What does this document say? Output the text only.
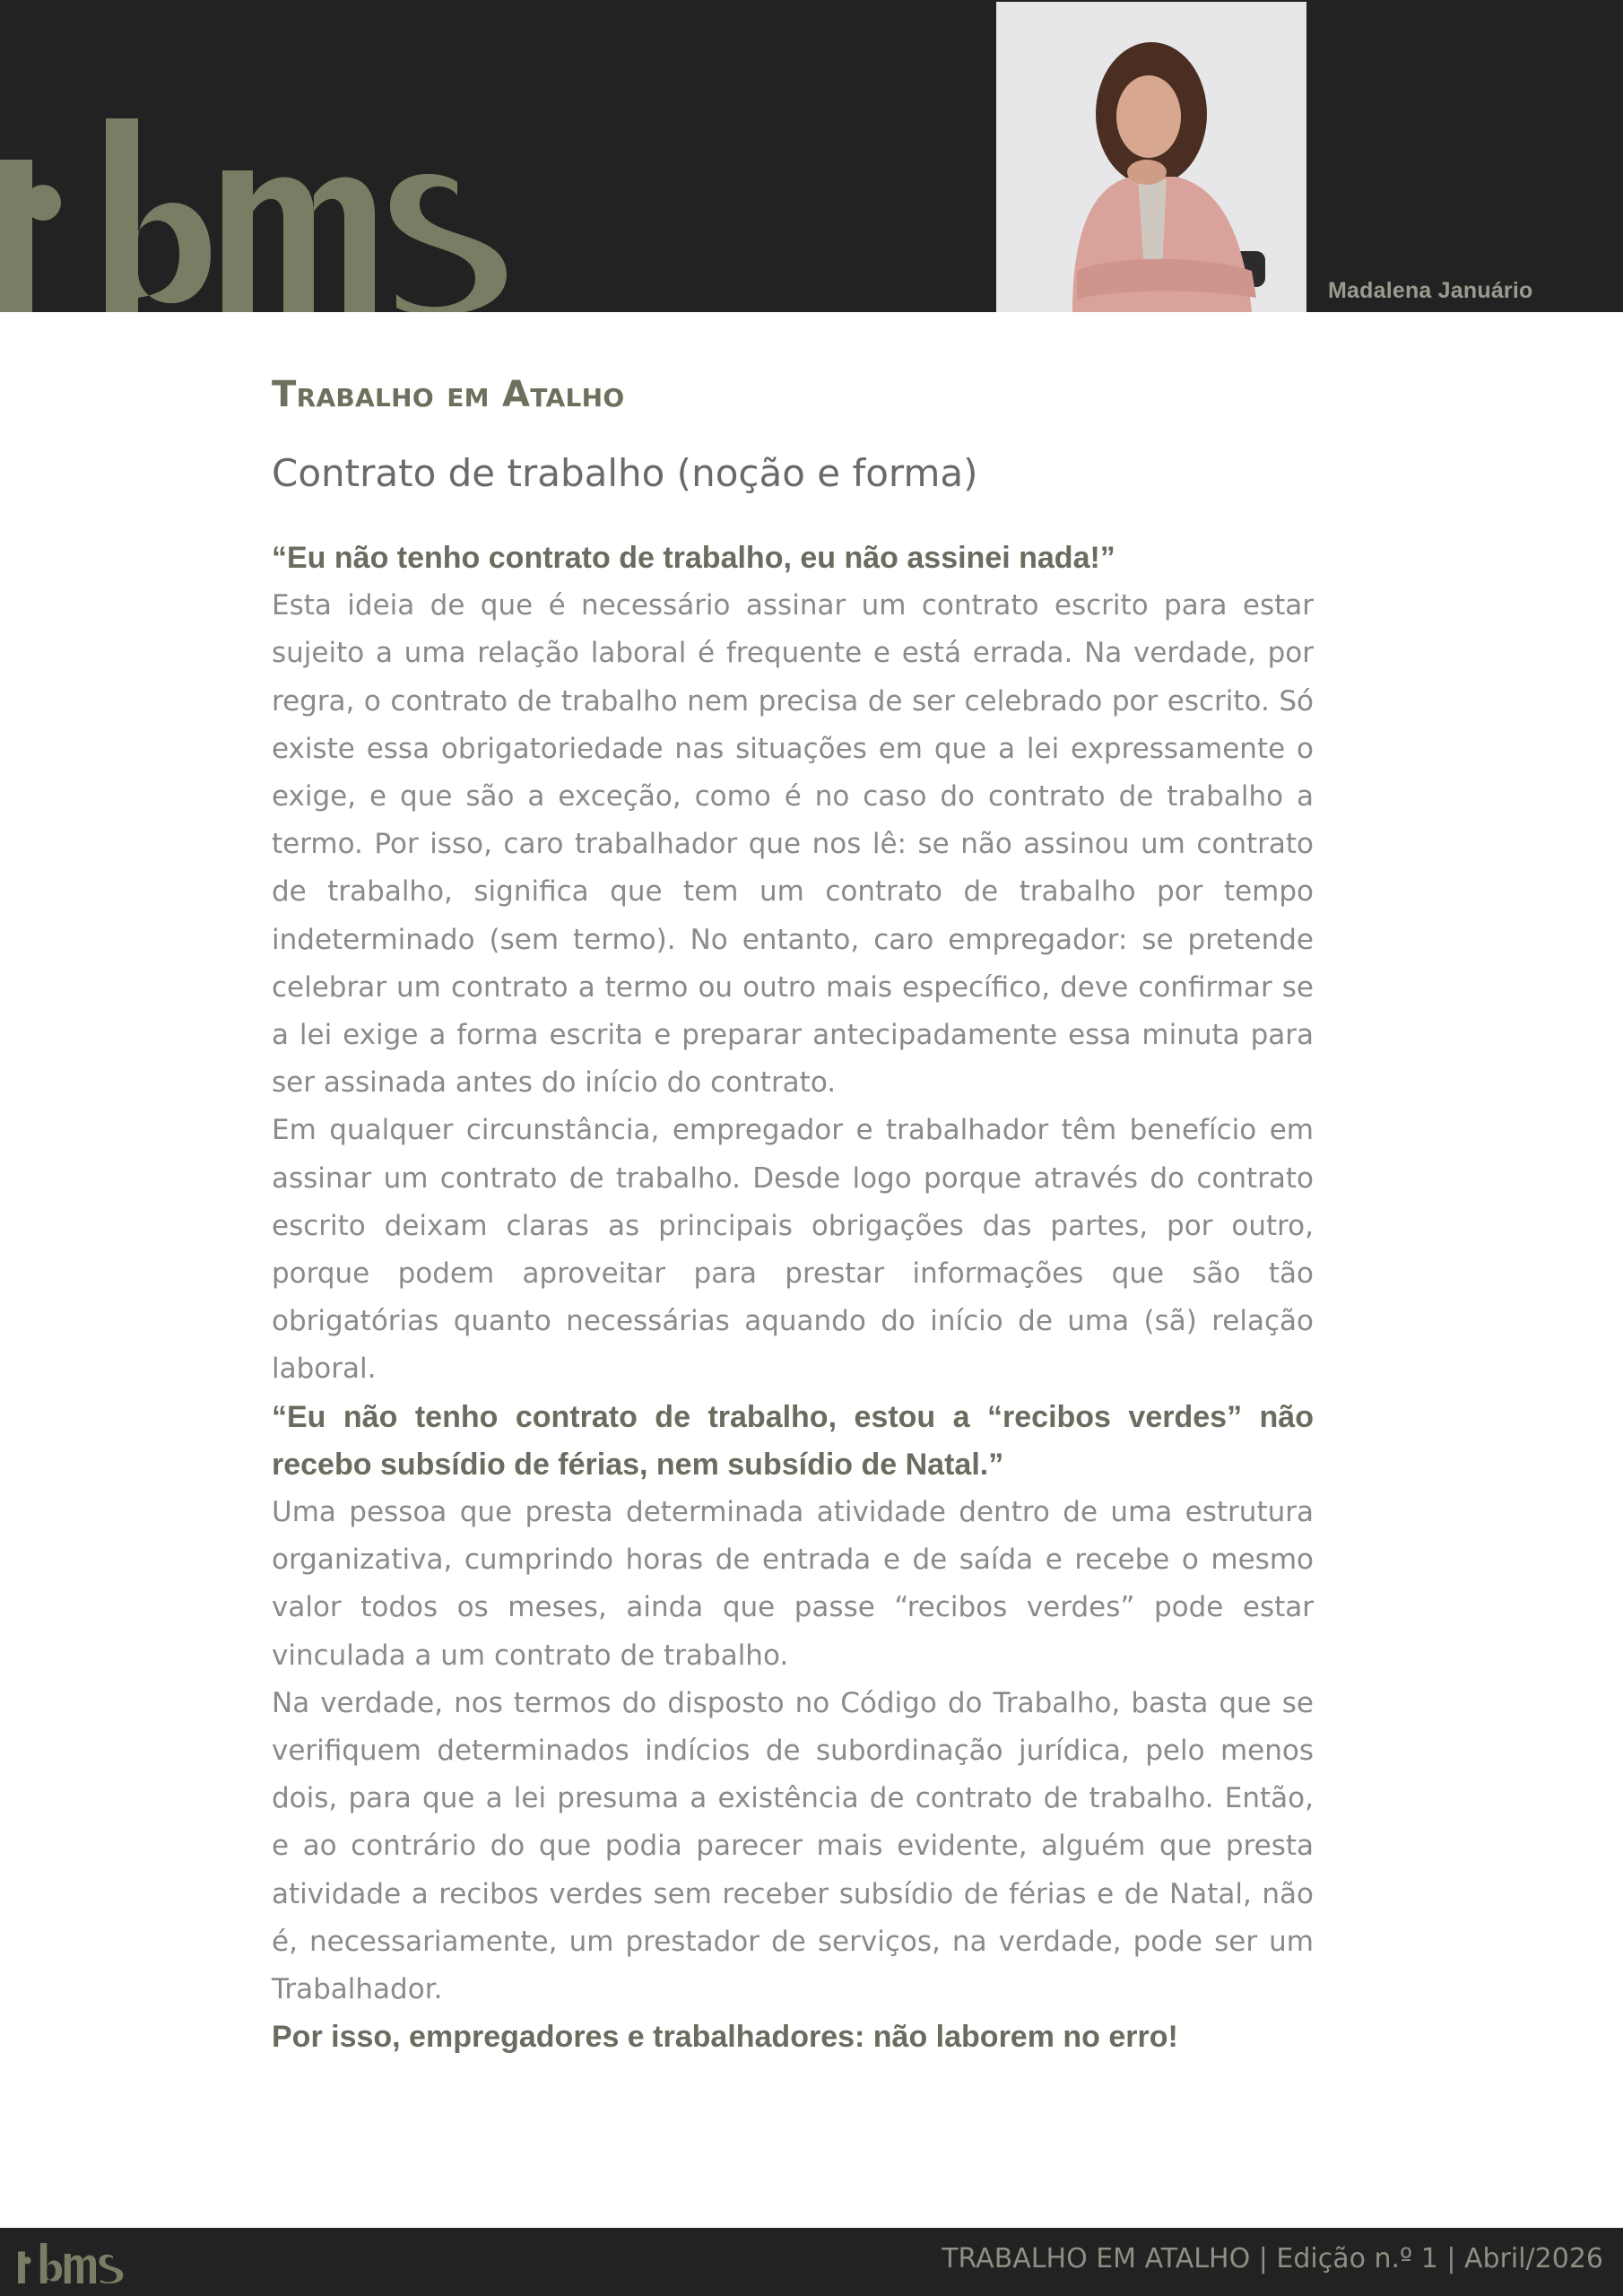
Madalena Januário
Trabalho em Atalho
Contrato de trabalho (noção e forma)

“Eu não tenho contrato de trabalho, eu não assinei nada!”

Esta ideia de que é necessário assinar um contrato escrito para estar sujeito a uma relação laboral é frequente e está errada. Na verdade, por regra, o contrato de trabalho nem precisa de ser celebrado por escrito. Só existe essa obrigatoriedade nas situações em que a lei expressamente o exige, e que são a exceção, como é no caso do contrato de trabalho a termo. Por isso, caro trabalhador que nos lê: se não assinou um contrato de trabalho, significa que tem um contrato de trabalho por tempo indeterminado (sem termo). No entanto, caro empregador: se pretende celebrar um contrato a termo ou outro mais específico, deve confirmar se a lei exige a forma escrita e preparar antecipadamente essa minuta para ser assinada antes do início do contrato.

Em qualquer circunstância, empregador e trabalhador têm benefício em assinar um contrato de trabalho. Desde logo porque através do contrato escrito deixam claras as principais obrigações das partes, por outro, porque podem aproveitar para prestar informações que são tão obrigatórias quanto necessárias aquando do início de uma (sã) relação laboral.

“Eu não tenho contrato de trabalho, estou a “recibos verdes” não recebo subsídio de férias, nem subsídio de Natal.”

Uma pessoa que presta determinada atividade dentro de uma estrutura organizativa, cumprindo horas de entrada e de saída e recebe o mesmo valor todos os meses, ainda que passe “recibos verdes” pode estar vinculada a um contrato de trabalho.

Na verdade, nos termos do disposto no Código do Trabalho, basta que se verifiquem determinados indícios de subordinação jurídica, pelo menos dois, para que a lei presuma a existência de contrato de trabalho. Então, e ao contrário do que podia parecer mais evidente, alguém que presta atividade a recibos verdes sem receber subsídio de férias e de Natal, não é, necessariamente, um prestador de serviços, na verdade, pode ser um Trabalhador.

Por isso, empregadores e trabalhadores: não laborem no erro!

TRABALHO EM ATALHO | Edição n.º 1 | Abril/2026
